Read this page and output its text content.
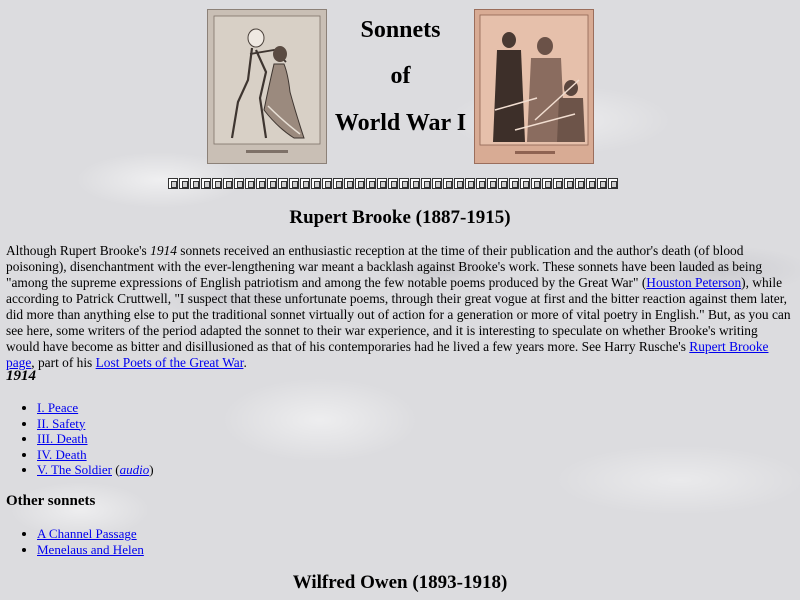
Sonnets
of
World War I
Rupert Brooke (1887-1915)

Although Rupert Brooke's 1914 sonnets received an enthusiastic reception at the time of their publication and the author's death (of blood poisoning), disenchantment with the ever-lengthening war meant a backlash against Brooke's work. These sonnets have been lauded as being "among the supreme expressions of English patriotism and among the few notable poems produced by the Great War" (Houston Peterson), while according to Patrick Cruttwell, "I suspect that these unfortunate poems, through their great vogue at first and the bitter reaction against them later, did more than anything else to put the traditional sonnet virtually out of action for a generation or more of vital poetry in English." But, as you can see here, some writers of the period adapted the sonnet to their war experience, and it is interesting to speculate on whether Brooke's writing would have become as bitter and disillusioned as that of his contemporaries had he lived a few years more. See Harry Rusche's Rupert Brooke page, part of his Lost Poets of the Great War.

1914
• I. Peace
• II. Safety
• III. Death
• IV. Death
• V. The Soldier (audio)
Other sonnets
• A Channel Passage
• Menelaus and Helen
Wilfred Owen (1893-1918)
